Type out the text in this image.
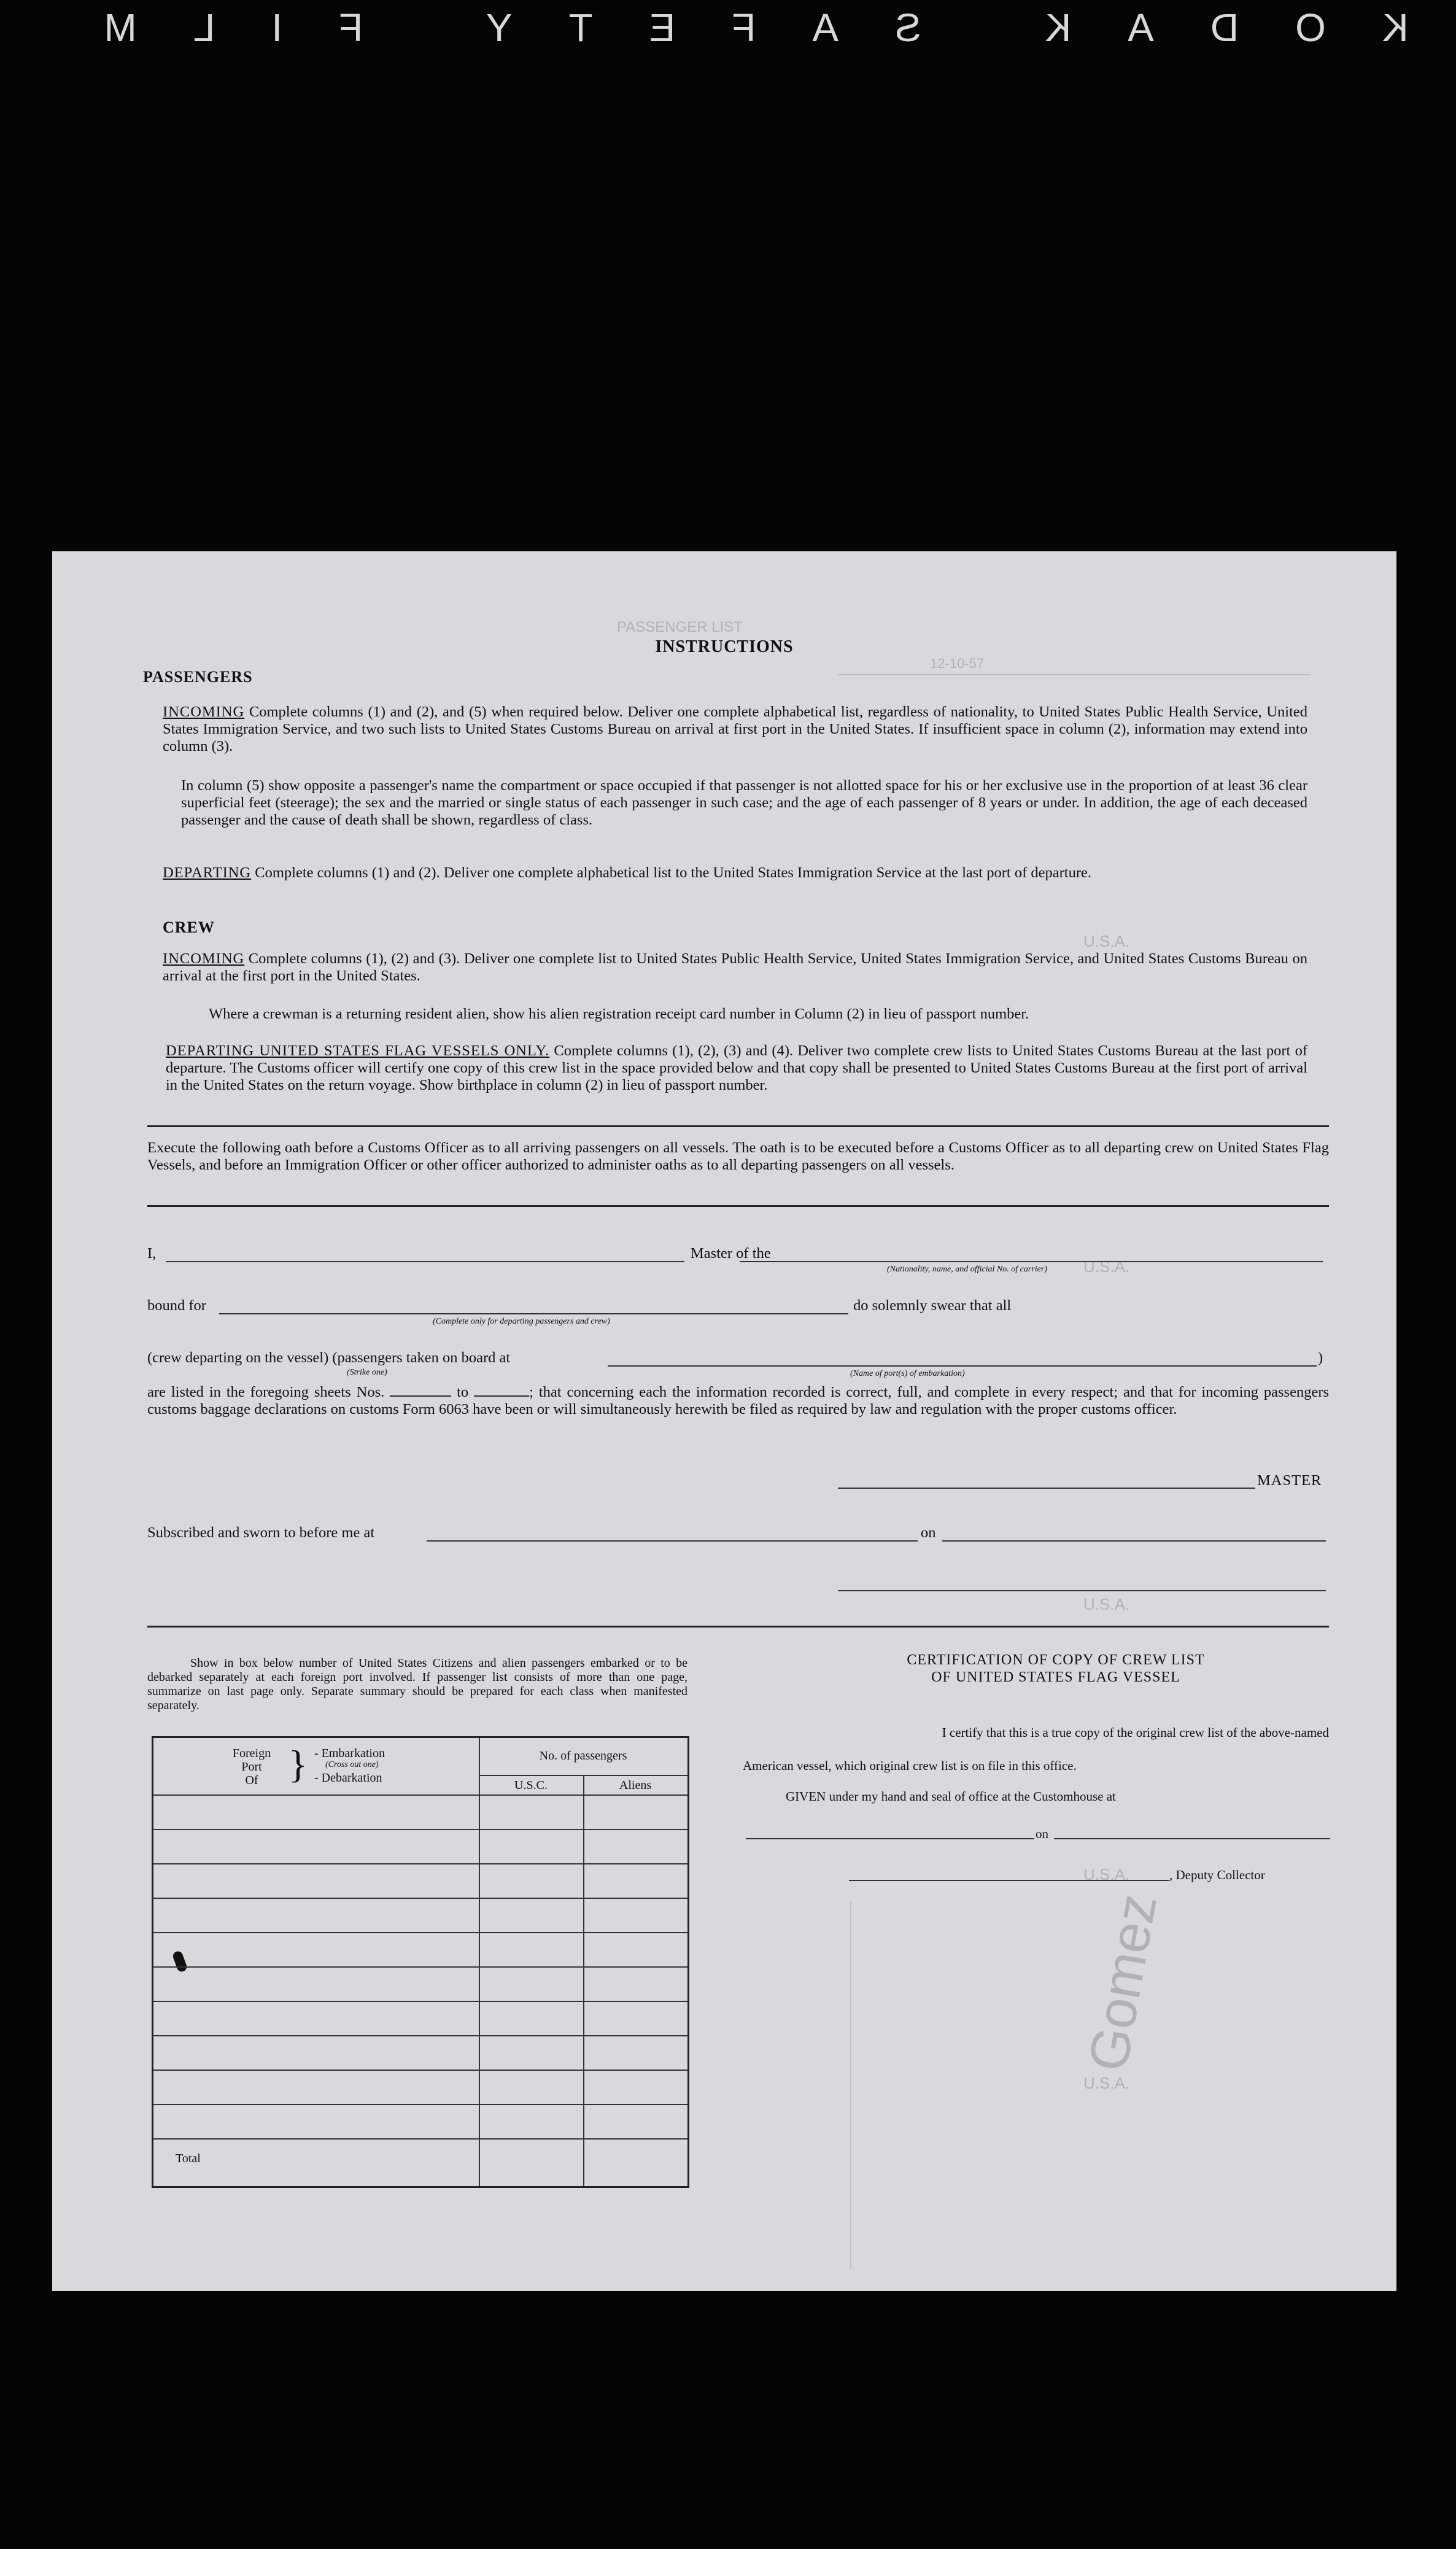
KODAK SAFETY FILM
PASSENGER LIST
12-10-57
U.S.A.
U.S.A.
U.S.A.
U.S.A.
U.S.A.
Gomez
INSTRUCTIONS
PASSENGERS
INCOMING Complete columns (1) and (2), and (5) when required below. Deliver one complete alphabetical list, regardless of nationality, to United States Public Health Service, United States Immigration Service, and two such lists to United States Customs Bureau on arrival at first port in the United States. If insufficient space in column (2), information may extend into column (3).
In column (5) show opposite a passenger's name the compartment or space occupied if that passenger is not allotted space for his or her exclusive use in the proportion of at least 36 clear superficial feet (steerage); the sex and the married or single status of each passenger in such case; and the age of each passenger of 8 years or under. In addition, the age of each deceased passenger and the cause of death shall be shown, regardless of class.
DEPARTING Complete columns (1) and (2). Deliver one complete alphabetical list to the United States Immigration Service at the last port of departure.
CREW
INCOMING Complete columns (1), (2) and (3). Deliver one complete list to United States Public Health Service, United States Immigration Service, and United States Customs Bureau on arrival at the first port in the United States.
Where a crewman is a returning resident alien, show his alien registration receipt card number in Column (2) in lieu of passport number.
DEPARTING UNITED STATES FLAG VESSELS ONLY. Complete columns (1), (2), (3) and (4). Deliver two complete crew lists to United States Customs Bureau at the last port of departure. The Customs officer will certify one copy of this crew list in the space provided below and that copy shall be presented to United States Customs Bureau at the first port of arrival in the United States on the return voyage. Show birthplace in column (2) in lieu of passport number.
Execute the following oath before a Customs Officer as to all arriving passengers on all vessels. The oath is to be executed before a Customs Officer as to all departing crew on United States Flag Vessels, and before an Immigration Officer or other officer authorized to administer oaths as to all departing passengers on all vessels.
I,	Master of the
(Nationality, name, and official No. of carrier)
bound for
(Complete only for departing passengers and crew)
do solemnly swear that all
(crew departing on the vessel) (passengers taken on board at
(Strike one)	(Name of port(s) of embarkation)
)
are listed in the foregoing sheets Nos.	to	; that concerning each the information recorded is correct, full, and complete in every respect; and that for incoming passengers customs baggage declarations on customs Form 6063 have been or will simultaneously herewith be filed as required by law and regulation with the proper customs officer.
MASTER
Subscribed and sworn to before me at	on
Show in box below number of United States Citizens and alien passengers embarked or to be debarked separately at each foreign port involved. If passenger list consists of more than one page, summarize on last page only. Separate summary should be prepared for each class when manifested separately.
Foreign
Port
Of } - Embarkation
(Cross out one)
- Debarkation
No. of passengers
U.S.C.	Aliens
Total
CERTIFICATION OF COPY OF CREW LIST
OF UNITED STATES FLAG VESSEL
I certify that this is a true copy of the original crew list of the above-named
American vessel, which original crew list is on file in this office.
GIVEN under my hand and seal of office at the Customhouse at
on
, Deputy Collector
